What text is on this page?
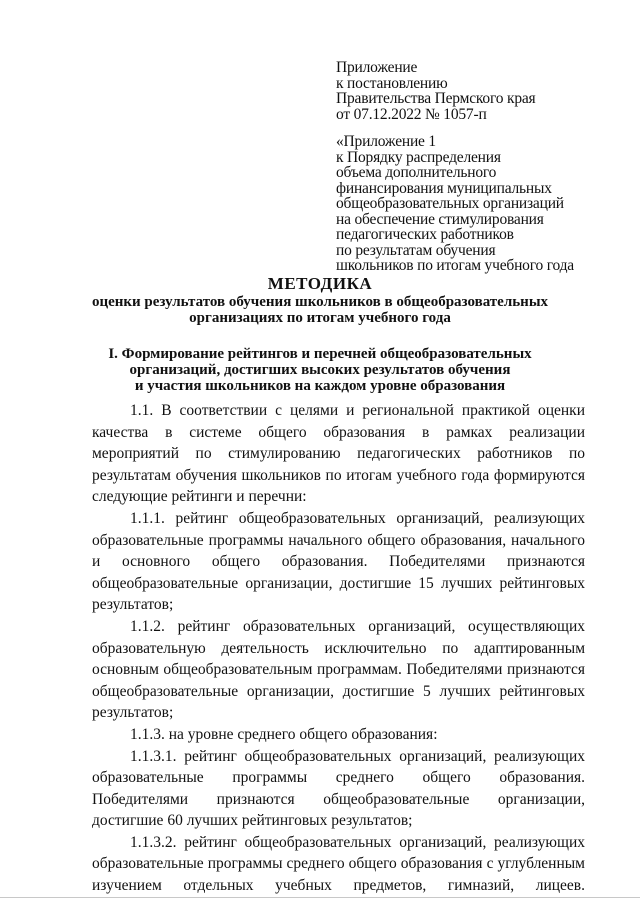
Приложение
к постановлению
Правительства Пермского края
от 07.12.2022 № 1057-п
«Приложение 1
к Порядку распределения
объема дополнительного
финансирования муниципальных
общеобразовательных организаций
на обеспечение стимулирования
педагогических работников
по результатам обучения
школьников по итогам учебного года
МЕТОДИКА
оценки результатов обучения школьников в общеобразовательных
организациях по итогам учебного года
I. Формирование рейтингов и перечней общеобразовательных
организаций, достигших высоких результатов обучения
и участия школьников на каждом уровне образования

1.1. В соответствии с целями и региональной практикой оценки качества в системе общего образования в рамках реализации мероприятий по стимулированию педагогических работников по результатам обучения школьников по итогам учебного года формируются следующие рейтинги и перечни:

1.1.1. рейтинг общеобразовательных организаций, реализующих образовательные программы начального общего образования, начального и основного общего образования. Победителями признаются общеобразовательные организации, достигшие 15 лучших рейтинговых результатов;

1.1.2. рейтинг образовательных организаций, осуществляющих образовательную деятельность исключительно по адаптированным основным общеобразовательным программам. Победителями признаются общеобразовательные организации, достигшие 5 лучших рейтинговых результатов;

1.1.3. на уровне среднего общего образования:

1.1.3.1. рейтинг общеобразовательных организаций, реализующих образовательные программы среднего общего образования. Победителями признаются общеобразовательные организации, достигшие 60 лучших рейтинговых результатов;

1.1.3.2. рейтинг общеобразовательных организаций, реализующих образовательные программы среднего общего образования с углубленным изучением отдельных учебных предметов, гимназий, лицеев.
